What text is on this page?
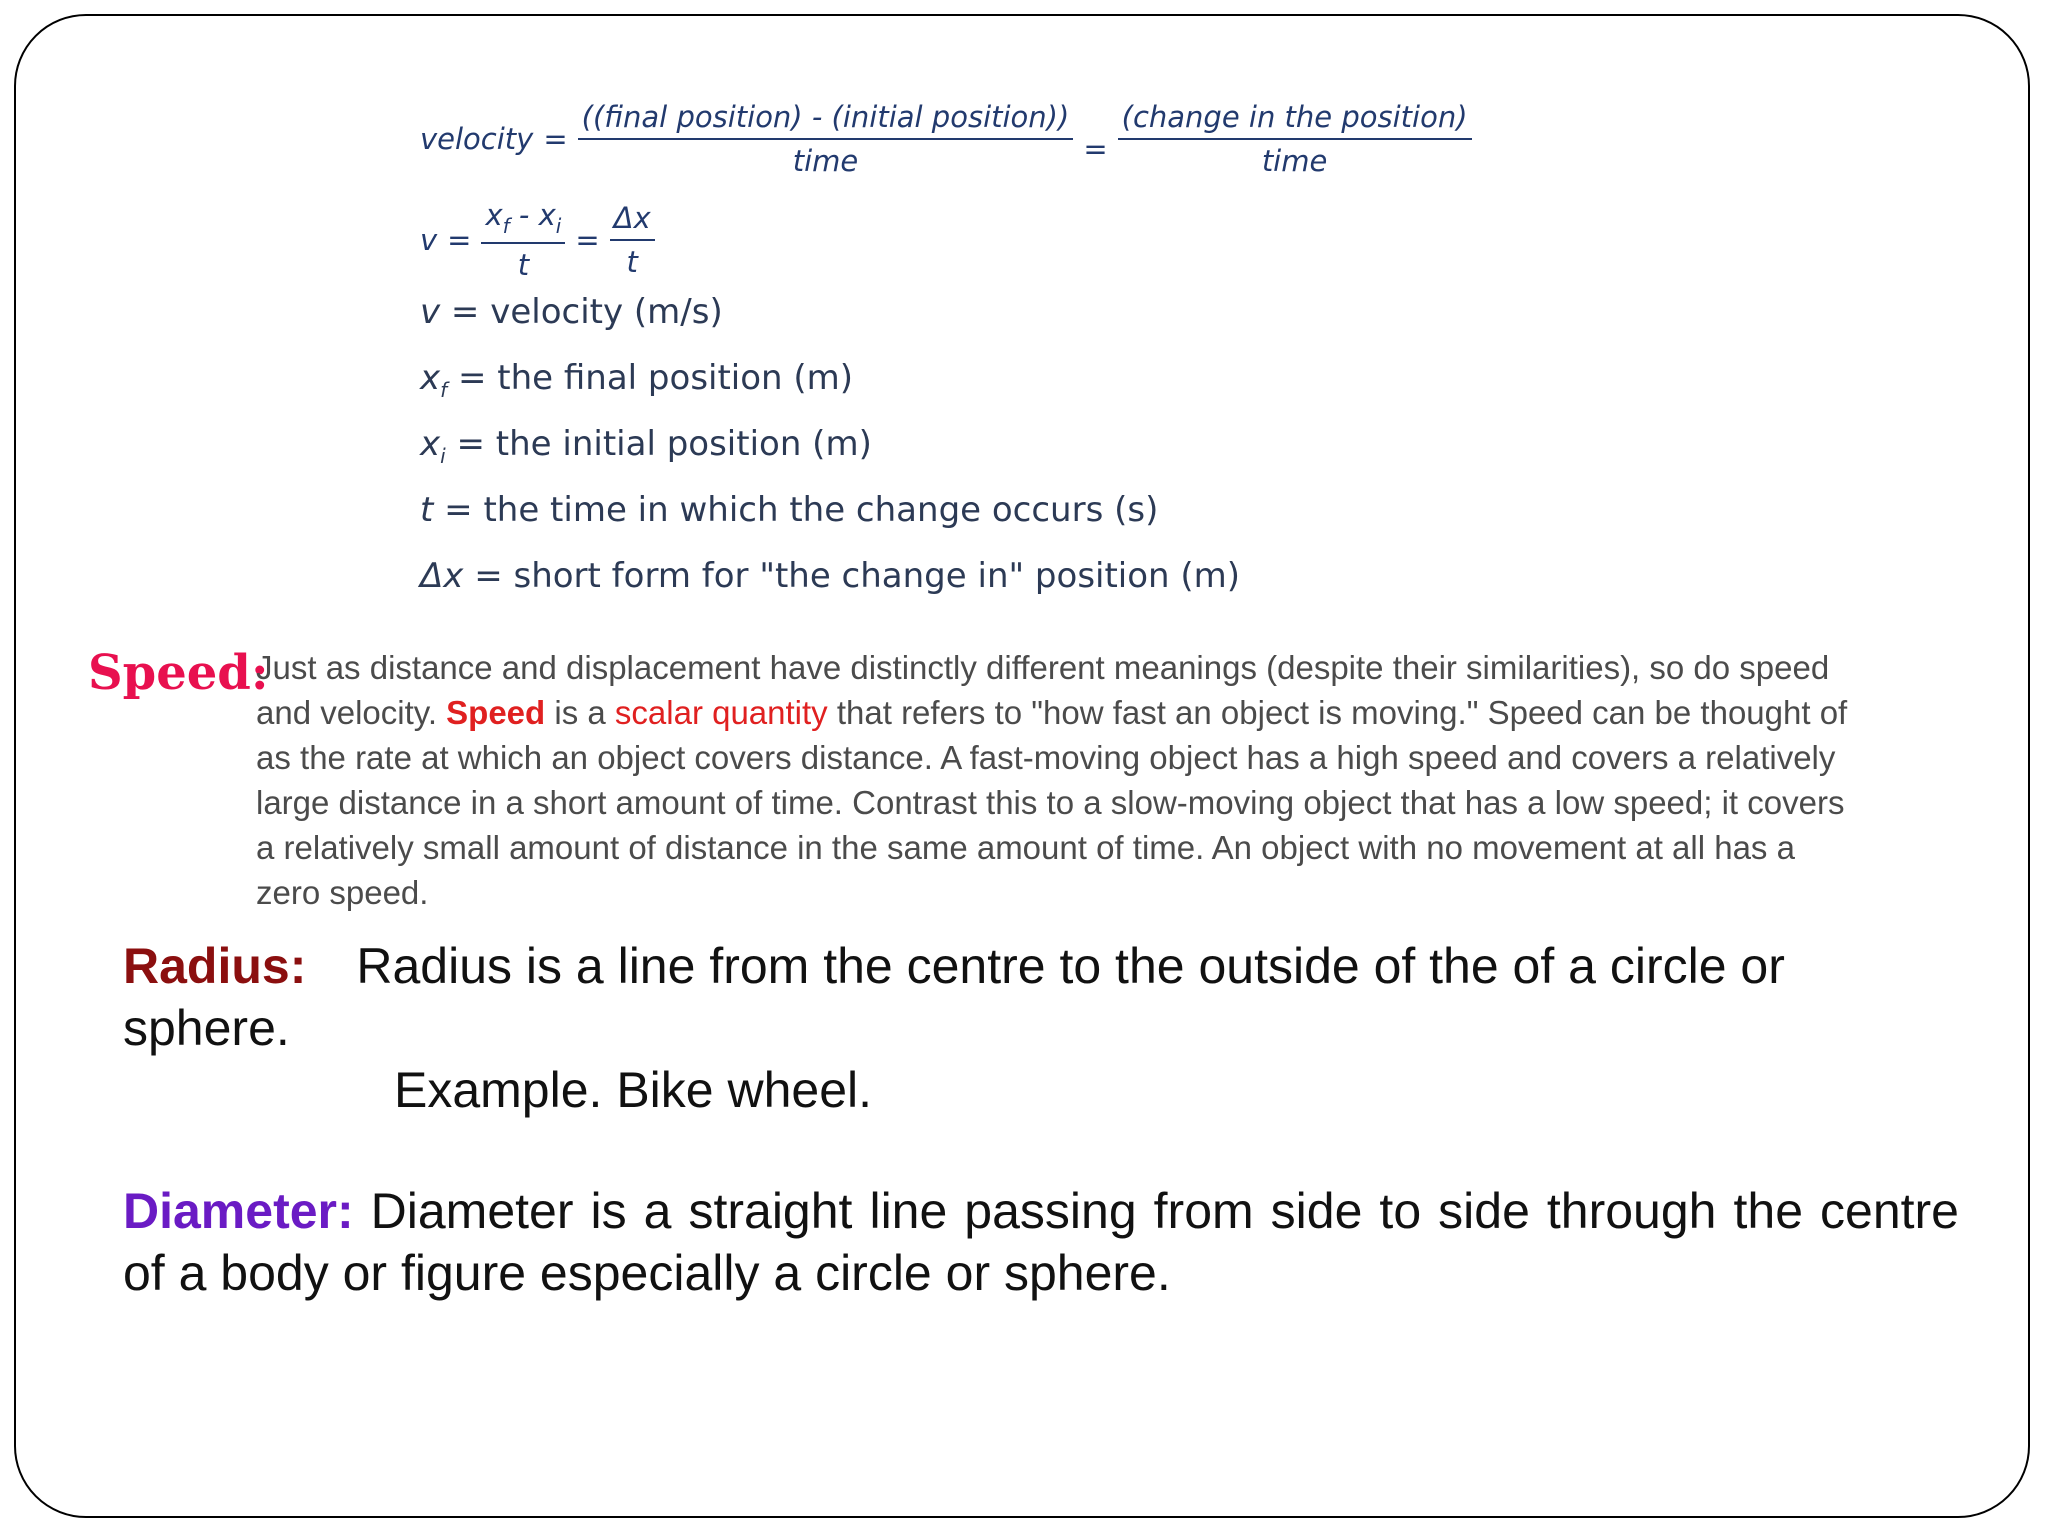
velocity = $\frac{\text{((final position) - (initial position))}}{\text{time}} = \frac{\text{(change in the position)}}{\text{time}}$
$v = \frac{x_f - x_i}{t} = \frac{\Delta x}{t}$
v = velocity (m/s)
$x_f$ = the final position (m)
$x_i$ = the initial position (m)
t = the time in which the change occurs (s)
Δx = short form for "the change in" position (m)
Speed:
Just as distance and displacement have distinctly different meanings (despite their similarities), so do speed and velocity. Speed is a scalar quantity that refers to "how fast an object is moving." Speed can be thought of as the rate at which an object covers distance. A fast-moving object has a high speed and covers a relatively large distance in a short amount of time. Contrast this to a slow-moving object that has a low speed; it covers a relatively small amount of distance in the same amount of time. An object with no movement at all has a zero speed.
Radius: Radius is a line from the centre to the outside of the of a circle or sphere.
Example. Bike wheel.
Diameter: Diameter is a straight line passing from side to side through the centre of a body or figure especially a circle or sphere.
